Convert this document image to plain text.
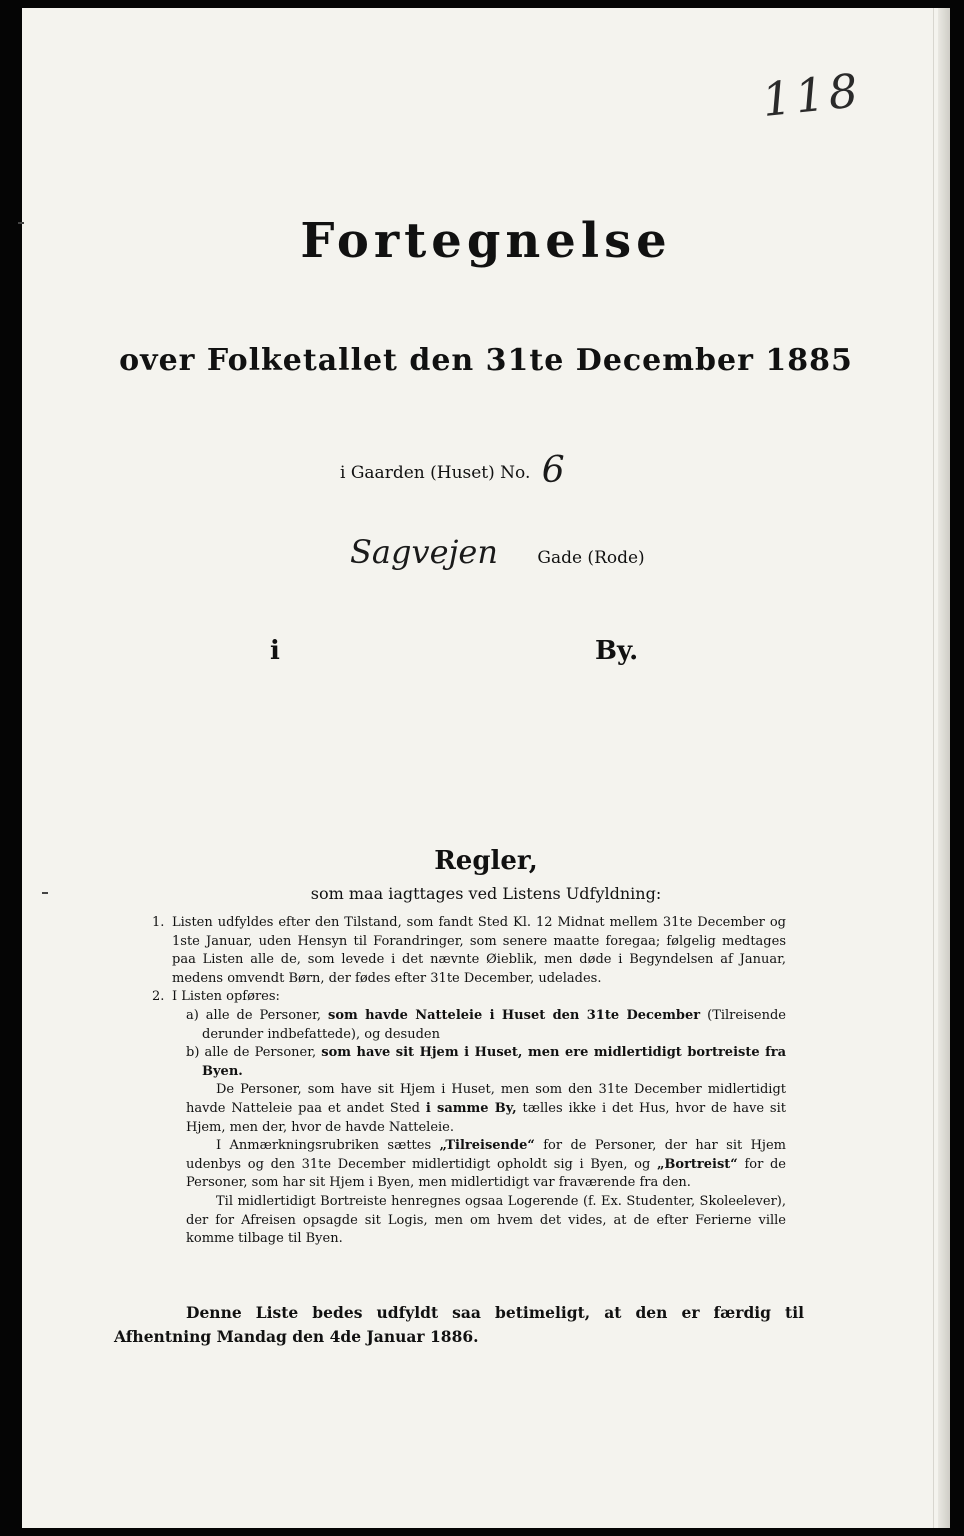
118
Fortegnelse
over Folketallet den 31te December 1885
i Gaarden (Huset) No. 6
Sagvejen Gade (Rode)
i	By.
Regler,
som maa iagttages ved Listens Udfyldning:
1. Listen udfyldes efter den Tilstand, som fandt Sted Kl. 12 Midnat mellem 31te December og 1ste Januar, uden Hensyn til Forandringer, som senere maatte foregaa; følgelig medtages paa Listen alle de, som levede i det nævnte Øieblik, men døde i Begyndelsen af Januar, medens omvendt Børn, der fødes efter 31te December, udelades.
2. I Listen opføres:
a) alle de Personer, som havde Natteleie i Huset den 31te December (Tilreisende derunder indbefattede), og desuden
b) alle de Personer, som have sit Hjem i Huset, men ere midlertidigt bortreiste fra Byen.
De Personer, som have sit Hjem i Huset, men som den 31te December midlertidigt havde Natteleie paa et andet Sted i samme By, tælles ikke i det Hus, hvor de have sit Hjem, men der, hvor de havde Natteleie.
I Anmærkningsrubriken sættes „Tilreisende“ for de Personer, der har sit Hjem udenbys og den 31te December midlertidigt opholdt sig i Byen, og „Bortreist“ for de Personer, som har sit Hjem i Byen, men midlertidigt var fraværende fra den.
Til midlertidigt Bortreiste henregnes ogsaa Logerende (f. Ex. Studenter, Skoleelever), der for Afreisen opsagde sit Logis, men om hvem det vides, at de efter Ferierne ville komme tilbage til Byen.
Denne Liste bedes udfyldt saa betimeligt, at den er færdig til Afhentning Mandag den 4de Januar 1886.
